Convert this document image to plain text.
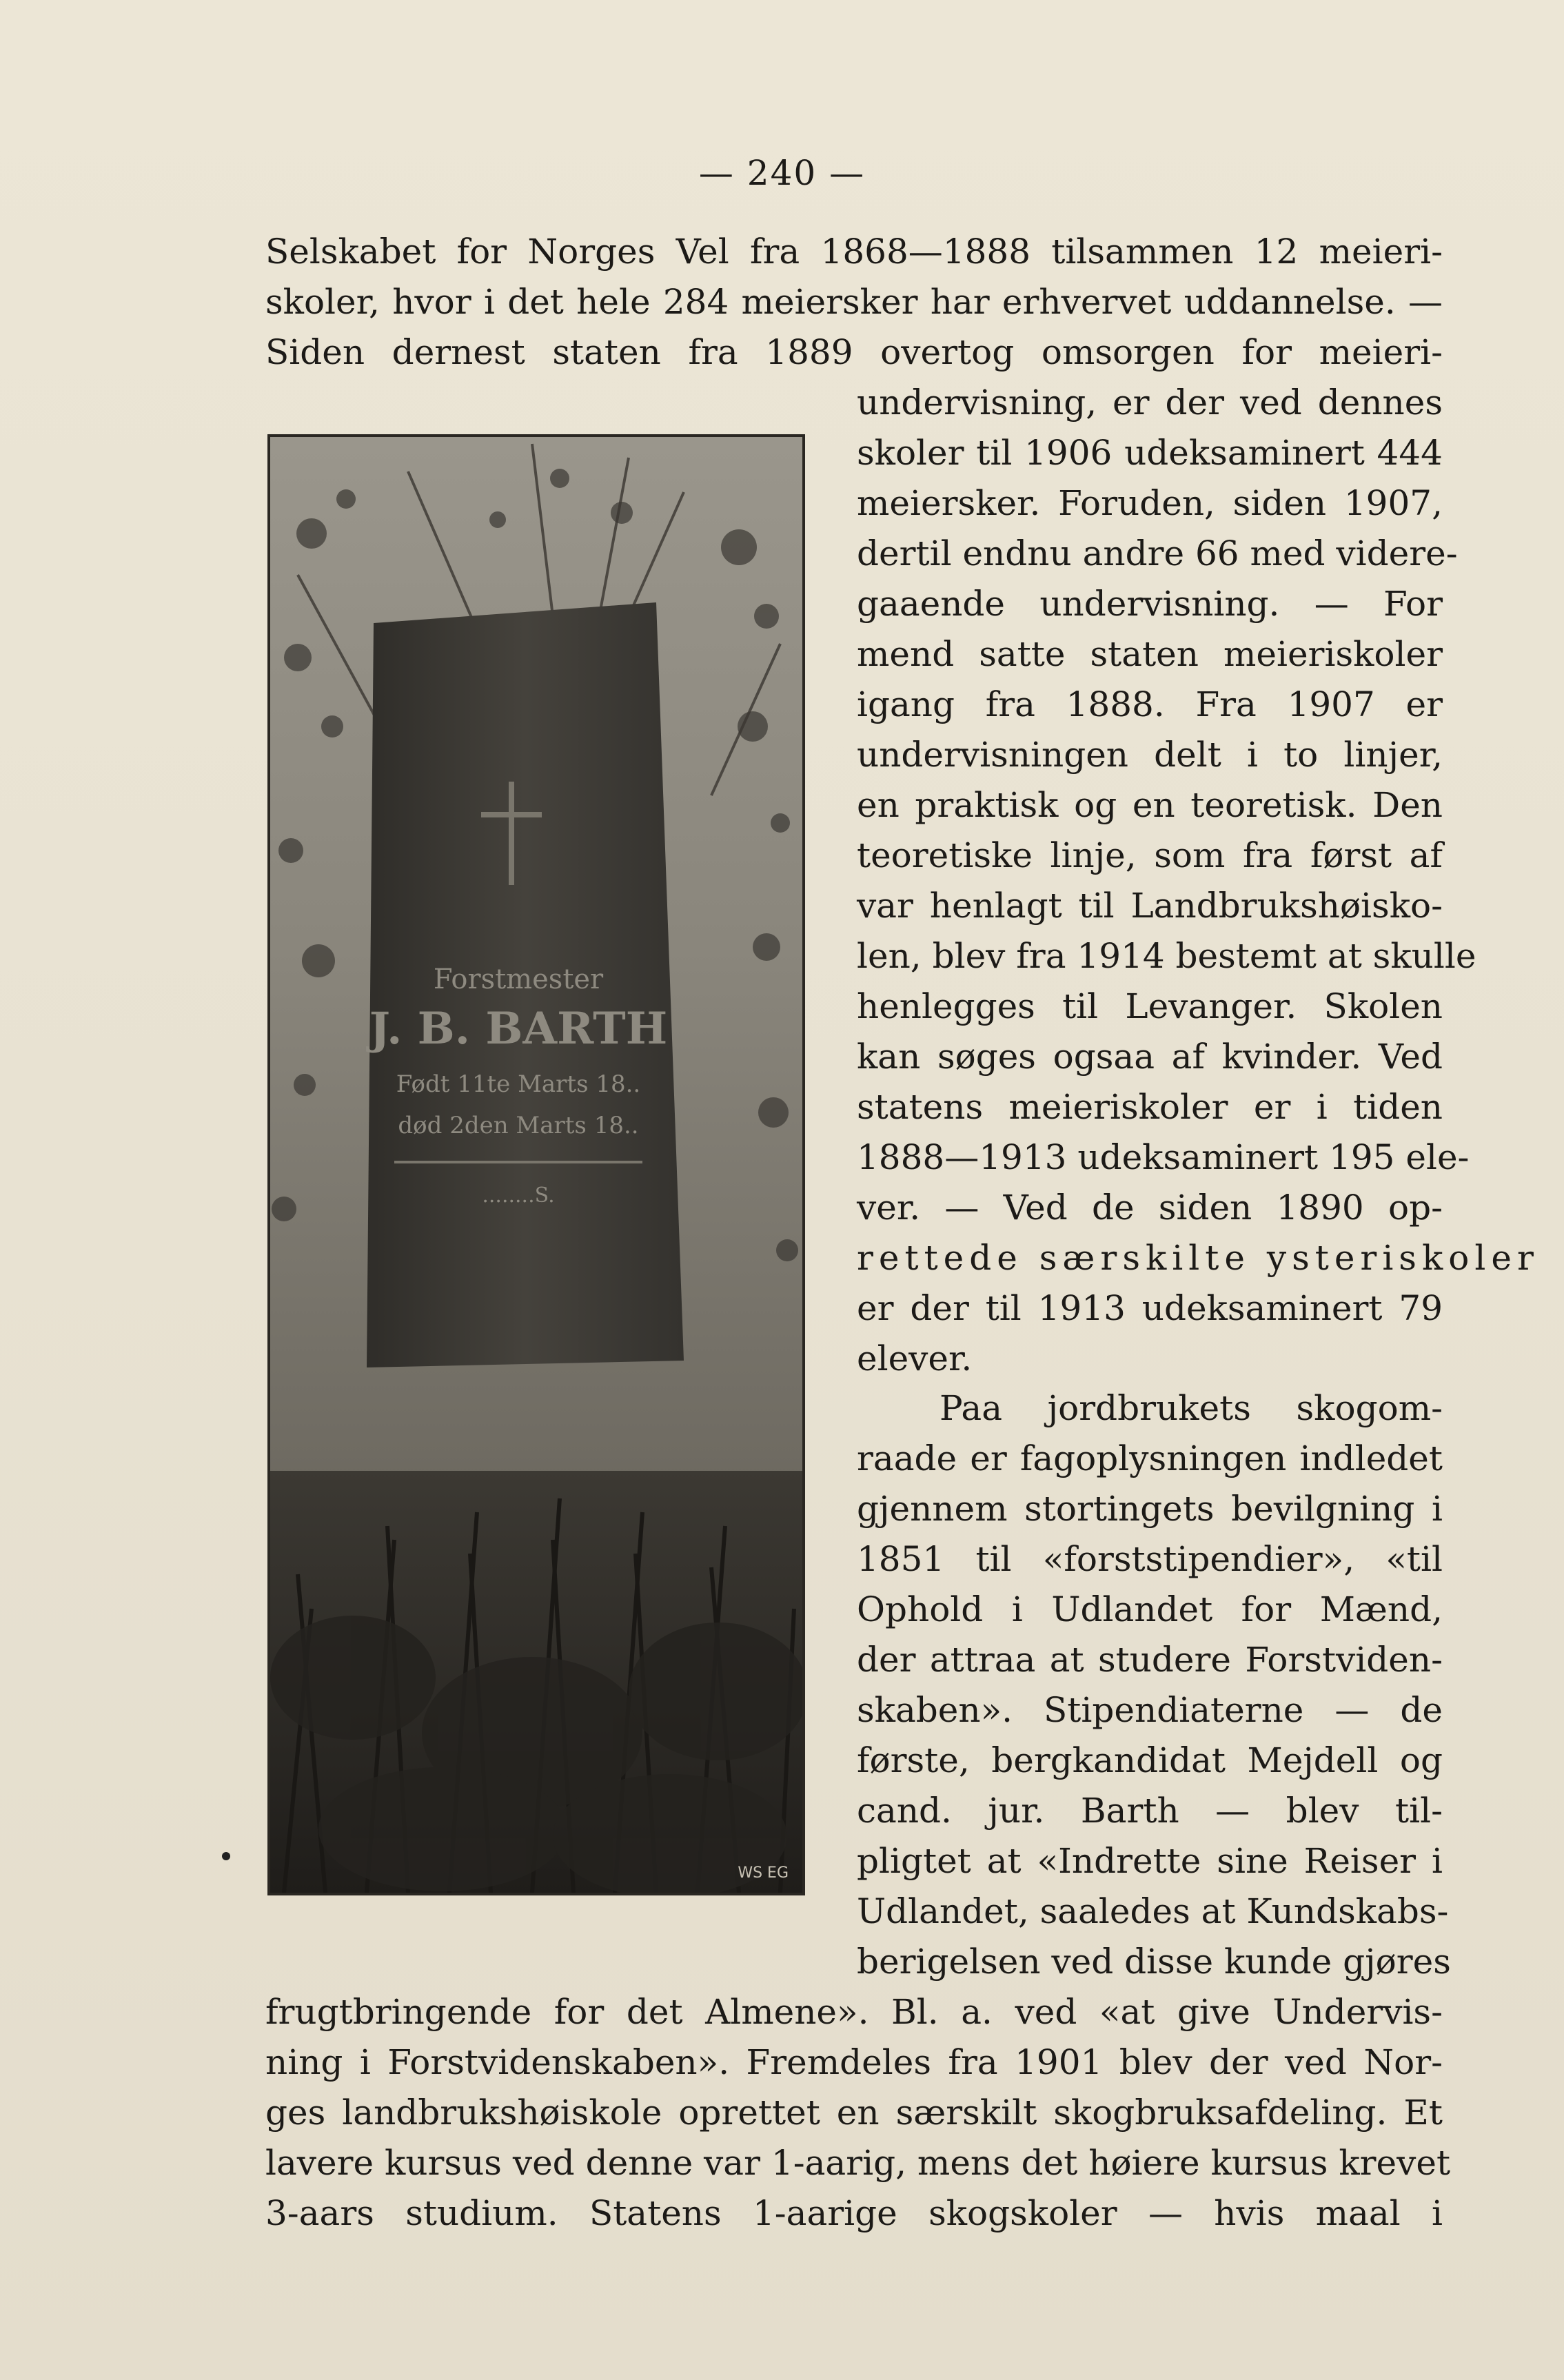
— 240 —
Selskabet for Norges Vel fra 1868—1888 tilsammen 12 meieri-
skoler, hvor i det hele 284 meiersker har erhvervet uddannelse. —
Siden dernest staten fra 1889 overtog omsorgen for meieri-
undervisning, er der ved dennes
skoler til 1906 udeksaminert 444
meiersker. Foruden, siden 1907,
dertil endnu andre 66 med videre-
gaaende undervisning. — For
mend satte staten meieriskoler
igang fra 1888. Fra 1907 er
undervisningen delt i to linjer,
en praktisk og en teoretisk. Den
teoretiske linje, som fra først af
var henlagt til Landbrukshøisko-
len, blev fra 1914 bestemt at skulle
henlegges til Levanger. Skolen
kan søges ogsaa af kvinder. Ved
statens meieriskoler er i tiden
1888—1913 udeksaminert 195 ele-
ver. — Ved de siden 1890 op-
rettede særskilte ysteriskoler
er der til 1913 udeksaminert 79
elever.
Paa jordbrukets skogom-
raade er fagoplysningen indledet
gjennem stortingets bevilgning i
1851 til «forststipendier», «til
Ophold i Udlandet for Mænd,
der attraa at studere Forstviden-
skaben». Stipendiaterne — de
første, bergkandidat Mejdell og
cand. jur. Barth — blev til-
pligtet at «Indrette sine Reiser i
Udlandet, saaledes at Kundskabs-
berigelsen ved disse kunde gjøres
frugtbringende for det Almene». Bl. a. ved «at give Undervis-
ning i Forstvidenskaben». Fremdeles fra 1901 blev der ved Nor-
ges landbrukshøiskole oprettet en særskilt skogbruksafdeling. Et
lavere kursus ved denne var 1-aarig, mens det høiere kursus krevet
3-aars studium. Statens 1-aarige skogskoler — hvis maal i
Forstmester
J. B. BARTH
Født 11te Marts 18..
død 2den Marts 18..
........S.
WS EG
